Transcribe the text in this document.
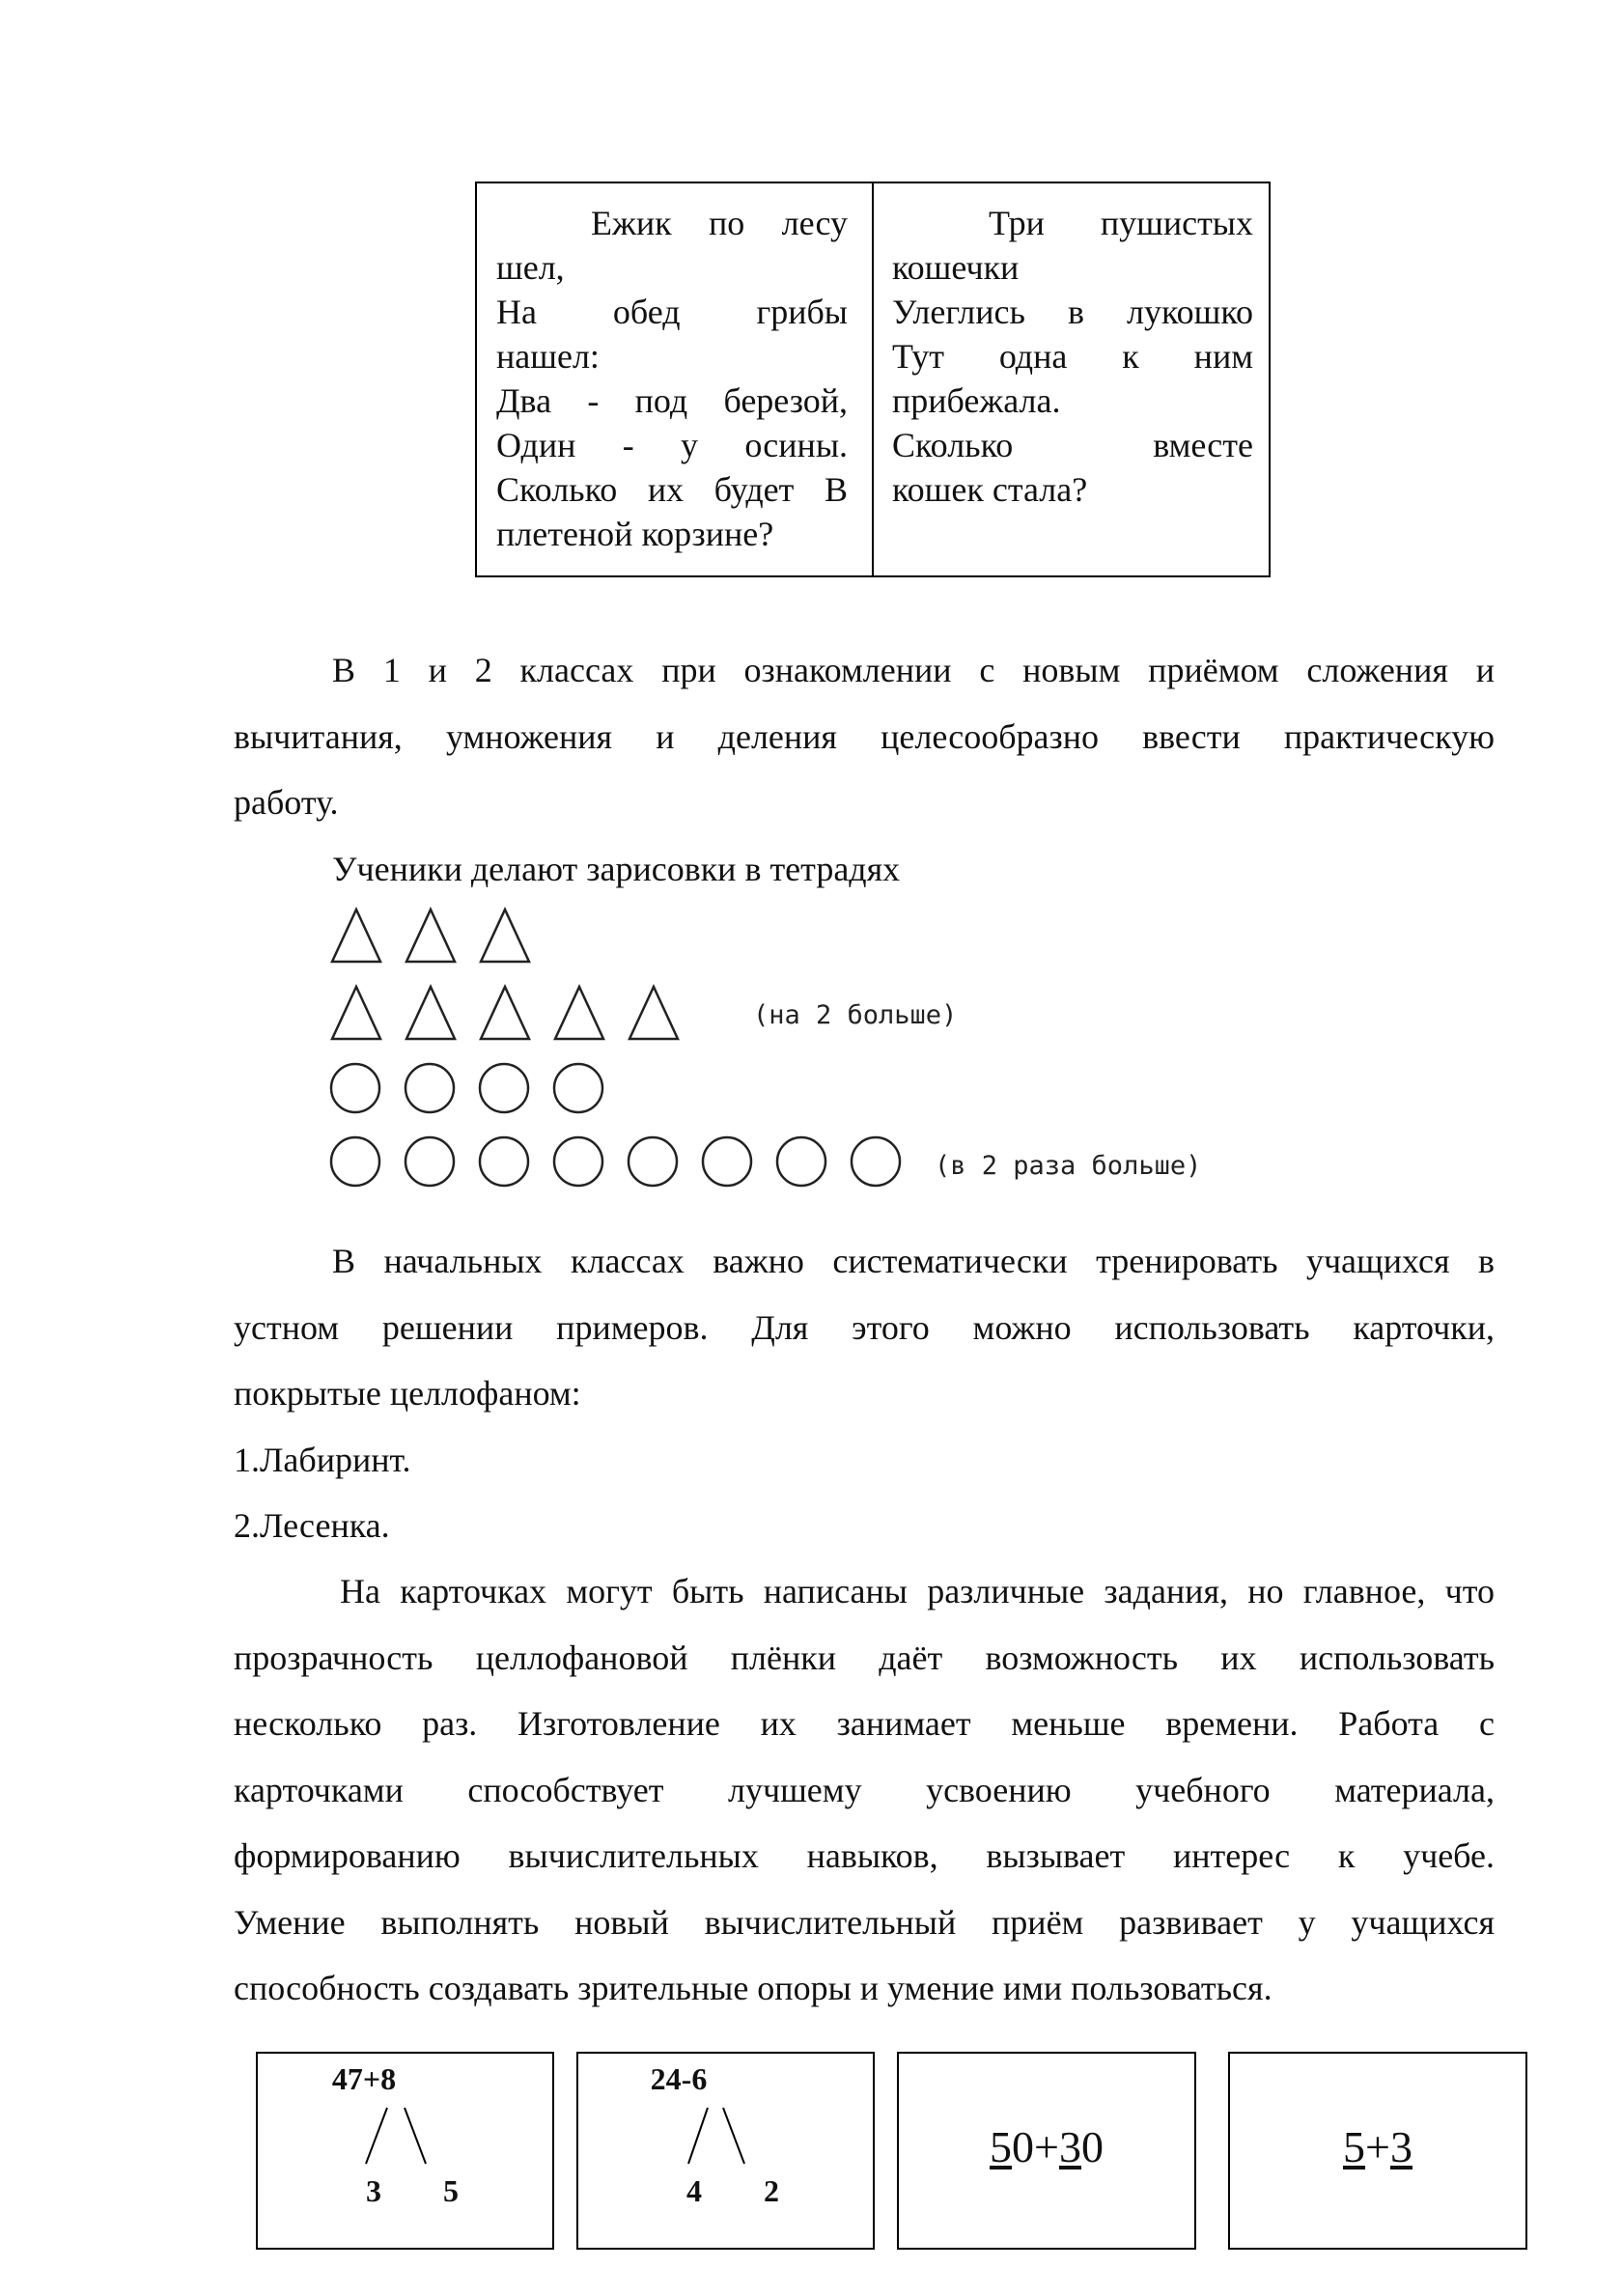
Ежик по лесу
шел,
На обед грибы
нашел:
Два - под березой,
Один - у осины.
Сколько их будет В
плетеной корзине?
Три пушистых
кошечки
Улеглись в лукошко
Тут одна к ним
прибежала.
Сколько вместе
кошек стала?
В 1 и 2 классах при ознакомлении с новым приёмом сложения и
вычитания, умножения и деления целесообразно ввести практическую
работу.
Ученики делают зарисовки в тетрадях
(на 2 больше)
(в 2 раза больше)
В начальных классах важно систематически тренировать учащихся в
устном решении примеров. Для этого можно использовать карточки,
покрытые целлофаном:
1.Лабиринт.
2.Лесенка.
На карточках могут быть написаны различные задания, но главное, что
прозрачность целлофановой плёнки даёт возможность их использовать
несколько раз. Изготовление их занимает меньше времени. Работа с
карточками способствует лучшему усвоению учебного материала,
формированию вычислительных навыков, вызывает интерес к учебе.
Умение выполнять новый вычислительный приём развивает у учащихся
способность создавать зрительные опоры и умение ими пользоваться.
47+8
3 5
24-6
4 2
50+30	5+3
